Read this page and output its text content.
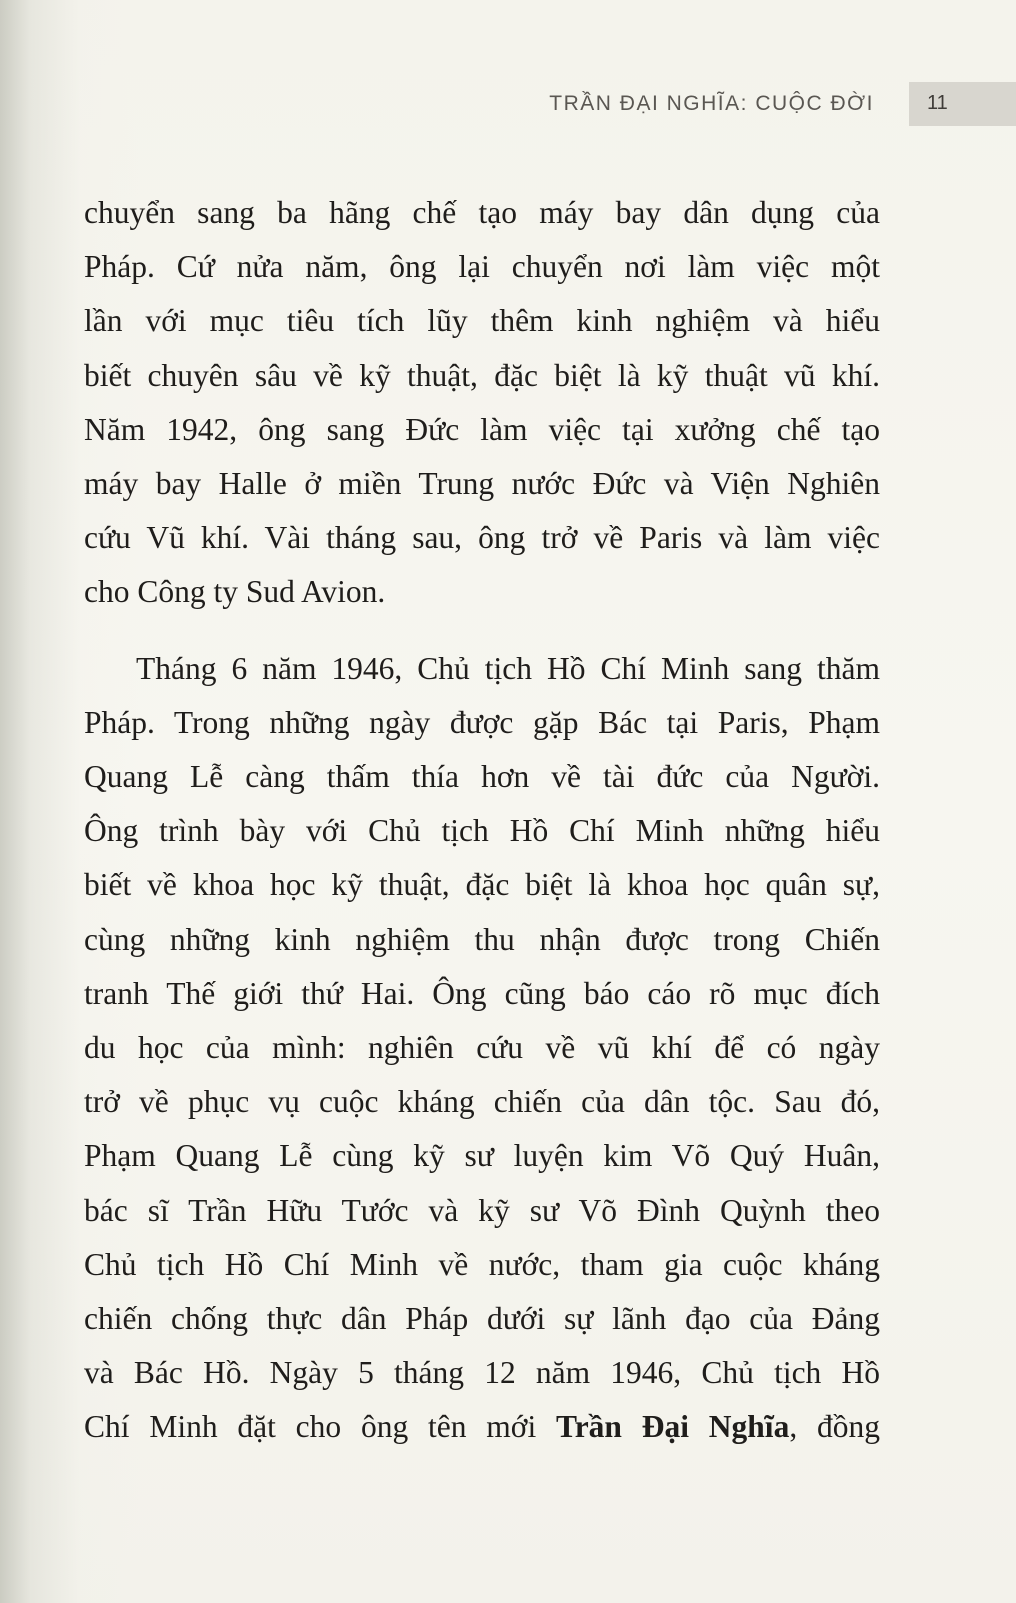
TRẦN ĐẠI NGHĨA: CUỘC ĐỜI	11
chuyển sang ba hãng chế tạo máy bay dân dụng của
Pháp. Cứ nửa năm, ông lại chuyển nơi làm việc một
lần với mục tiêu tích lũy thêm kinh nghiệm và hiểu
biết chuyên sâu về kỹ thuật, đặc biệt là kỹ thuật vũ khí.
Năm 1942, ông sang Đức làm việc tại xưởng chế tạo
máy bay Halle ở miền Trung nước Đức và Viện Nghiên
cứu Vũ khí. Vài tháng sau, ông trở về Paris và làm việc
cho Công ty Sud Avion.
Tháng 6 năm 1946, Chủ tịch Hồ Chí Minh sang thăm
Pháp. Trong những ngày được gặp Bác tại Paris, Phạm
Quang Lễ càng thấm thía hơn về tài đức của Người.
Ông trình bày với Chủ tịch Hồ Chí Minh những hiểu
biết về khoa học kỹ thuật, đặc biệt là khoa học quân sự,
cùng những kinh nghiệm thu nhận được trong Chiến
tranh Thế giới thứ Hai. Ông cũng báo cáo rõ mục đích
du học của mình: nghiên cứu về vũ khí để có ngày
trở về phục vụ cuộc kháng chiến của dân tộc. Sau đó,
Phạm Quang Lễ cùng kỹ sư luyện kim Võ Quý Huân,
bác sĩ Trần Hữu Tước và kỹ sư Võ Đình Quỳnh theo
Chủ tịch Hồ Chí Minh về nước, tham gia cuộc kháng
chiến chống thực dân Pháp dưới sự lãnh đạo của Đảng
và Bác Hồ. Ngày 5 tháng 12 năm 1946, Chủ tịch Hồ
Chí Minh đặt cho ông tên mới Trần Đại Nghĩa, đồng
